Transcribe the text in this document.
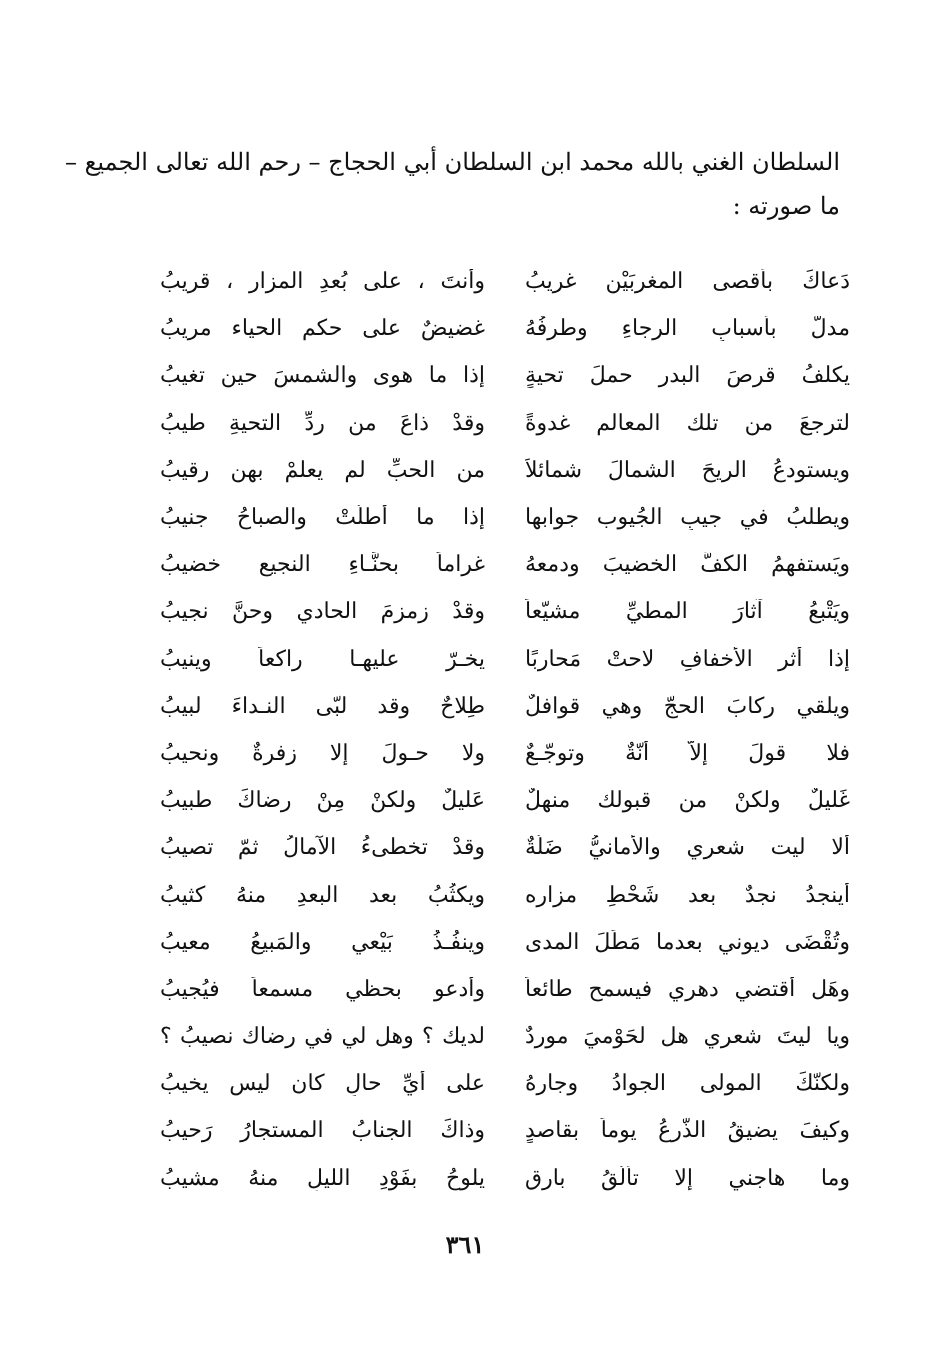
السلطان الغني بالله محمد ابن السلطان أبي الحجاج – رحم الله تعالى الجميع –
ما صورته :
دَعاكَ بأقصى المغربَيْنِ غريبُ
وأنتَ ، على بُعدِ المزار ، قريبُ
مدلٌّ بأسبابِ الرجاءِ وطرفُهُ
غضيضٌ على حكم الحياء مريبُ
يكلفُ قرصَ البدر حملَ تحيةٍ
إذا ما هوى والشمسَ حين تغيبُ
لترجعَ من تلك المعالم غدوةً
وقدْ ذاعَ من ردِّ التحيةِ طيبُ
ويستودعُ الريحَ الشمالَ شمائلاً
من الحبِّ لم يعلمْ بهن رقيبُ
ويطلبُ في جيبِ الجُيوب جوابها
إذا ما أطلَّتْ والصباحُ جنيبُ
ويَستفهمُ الكفَّ الخضيبَ ودمعهُ
غراماً بحنَّـاءِ النجيع خضيبُ
ويَتْبعُ آثارَ المطيِّ مشيّعاً
وقدْ زمزمَ الحادي وحنَّ نجيبُ
إذا أثر الأخفافِ لاحتْ مَحاربًا
يخـرّ عليهـا راكعاً وينيبُ
ويلقي ركابَ الحجّ وهي قوافلٌ
طِلاحٌ وقد لبّى النـداءَ لبيبُ
فلا قولَ إلاّ أنّةٌ وتوجّـعٌ
ولا حـولَ إلا زفرةٌ ونحيبُ
غَليلٌ ولكنْ من قبولك منهلٌ
عَليلٌ ولكنْ مِنْ رضاكَ طبيبُ
ألا ليت شعري والأمانيُّ ضَلّةٌ
وقدْ تخطىءُ الآمالُ ثمّ تصيبُ
أينجدُ نجدٌ بعد شَحْطِ مزاره
ويكثُبُ بعد البعدِ منهُ كثيبُ
وتُقْضَى ديوني بعدما مَطَلَ المدى
وينفُـذُ بَيْعي والمَبيعُ معيبُ
وهَل أقتضي دهري فيسمح طائعاً
وأدعو بحظي مسمعاً فيُجيبُ
ويا ليتَ شعري هل لحَوْميَ موردٌ
لديك ؟ وهل لي في رضاك نصيبُ ؟
ولكنّكَ المولى الجوادُ وجارهُ
على أيِّ حالٍ كان ليس يخيبُ
وكيفَ يضيقُ الذّرعُ يوماً بقاصدٍ
وذاكَ الجنابُ المستجارُ رَحيبُ
وما هاجني إلا تألّقُ بارقٍ
يلوحُ بفَوْدِ الليلِ منهُ مشيبُ
٣٦١
